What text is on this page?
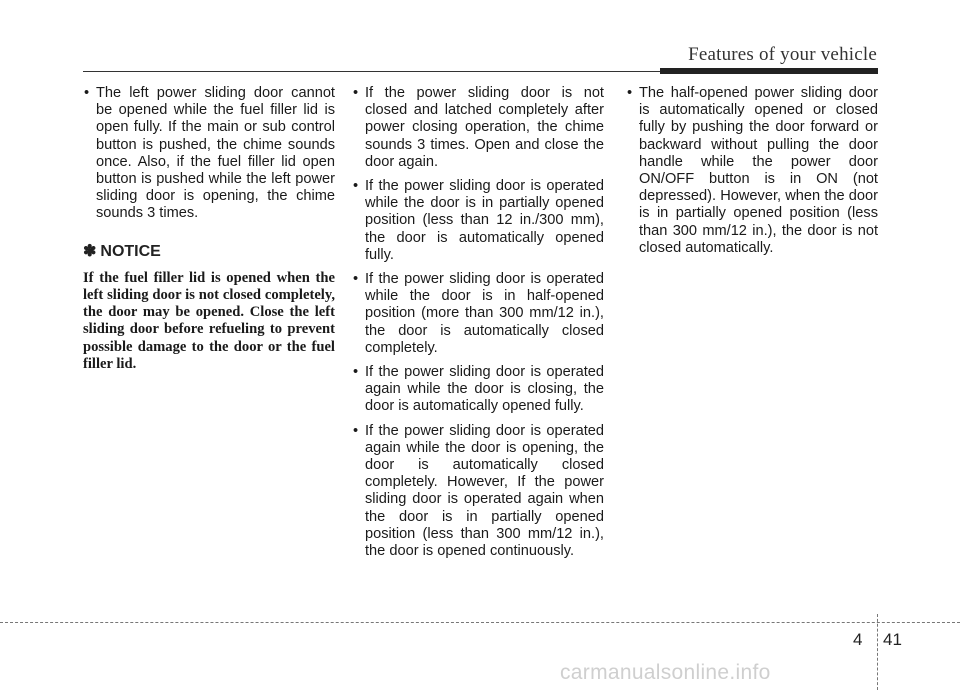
Features of your vehicle
• The left power sliding door cannot be opened while the fuel filler lid is open fully. If the main or sub control button is pushed, the chime sounds once. Also, if the fuel filler lid open button is pushed while the left power sliding door is opening, the chime sounds 3 times.
✽ NOTICE
If the fuel filler lid is opened when the left sliding door is not closed completely, the door may be opened. Close the left sliding door before refueling to prevent possible damage to the door or the fuel filler lid.
• If the power sliding door is not closed and latched completely after power closing operation, the chime sounds 3 times. Open and close the door again.
• If the power sliding door is operated while the door is in partially opened position (less than 12 in./300 mm), the door is automatically opened fully.
• If the power sliding door is operated while the door is in half-opened position (more than 300 mm/12 in.), the door is automatically closed completely.
• If the power sliding door is operated again while the door is closing, the door is automatically opened fully.
• If the power sliding door is operated again while the door is opening, the door is automatically closed completely. However, If the power sliding door is operated again when the door is in partially opened position (less than 300 mm/12 in.), the door is opened continuously.
• The half-opened power sliding door is automatically opened or closed fully by pushing the door forward or backward without pulling the door handle while the power door ON/OFF button is in ON (not depressed). However, when the door is in partially opened position (less than 300 mm/12 in.), the door is not closed automatically.
4 41
carmanualsonline.info
